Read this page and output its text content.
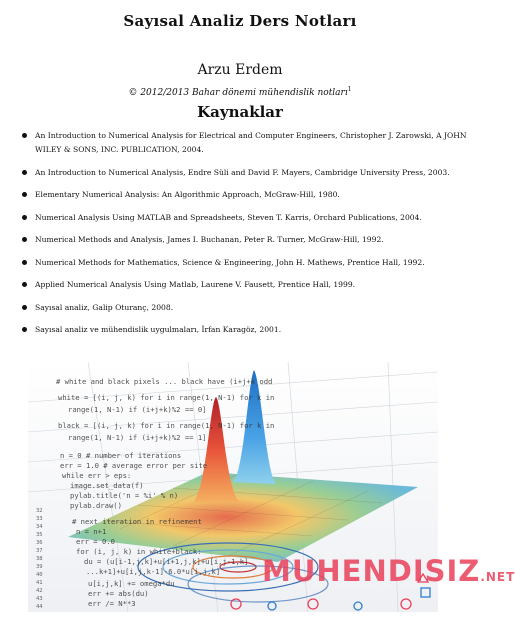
Sayısal Analiz Ders Notları
Arzu Erdem
© 2012/2013 Bahar dönemi mühendislik notları$^1$
Kaynaklar
An Introduction to Numerical Analysis for Electrical and Computer Engineers, Christopher J. Zarowski, A JOHN WILEY & SONS, INC. PUBLICATION, 2004.
An Introduction to Numerical Analysis, Endre Süli and David F. Mayers, Cambridge University Press, 2003.
Elementary Numerical Analysis: An Algorithmic Approach, McGraw-Hill, 1980.
Numerical Analysis Using MATLAB and Spreadsheets, Steven T. Karris, Orchard Publications, 2004.
Numerical Methods and Analysis, James I. Buchanan, Peter R. Turner, McGraw-Hill, 1992.
Numerical Methods for Mathematics, Science & Engineering, John H. Mathews, Prentice Hall, 1992.
Applied Numerical Analysis Using Matlab, Laurene V. Fausett, Prentice Hall, 1999.
Sayısal analiz, Galip Oturanç, 2008.
Sayısal analiz ve mühendislik uygulmaları, İrfan Karagöz, 2001.
# white and black pixels ... black have (i+j+k odd
white = [(i, j, k) for i in range(1, N-1) for k in
range(1, N-1) if (i+j+k)%2 == 0]
black = [(i, j, k) for i in range(1, N-1) for k in
range(1, N-1) if (i+j+k)%2 == 1]
n = 0 # number of iterations
err = 1.0 # average error per site
while err > eps:
image.set_data(f)
pylab.title('n = %i' % n)
pylab.draw()
# next iteration in refinement
n = n+1
err = 0.0
for (i, j, k) in white+black:
du = (u[i-1,j,k]+u[i+1,j,k]+u[i,j-1,k]
...k+1]+u[i,j,k-1]-6.0*u[i,j,k]
u[i,j,k] += omega*du
err += abs(du)
err /= N**3
32
33
34
35
36
37
38
39
40
41
42
43
44
MUHENDISIZ.NET
